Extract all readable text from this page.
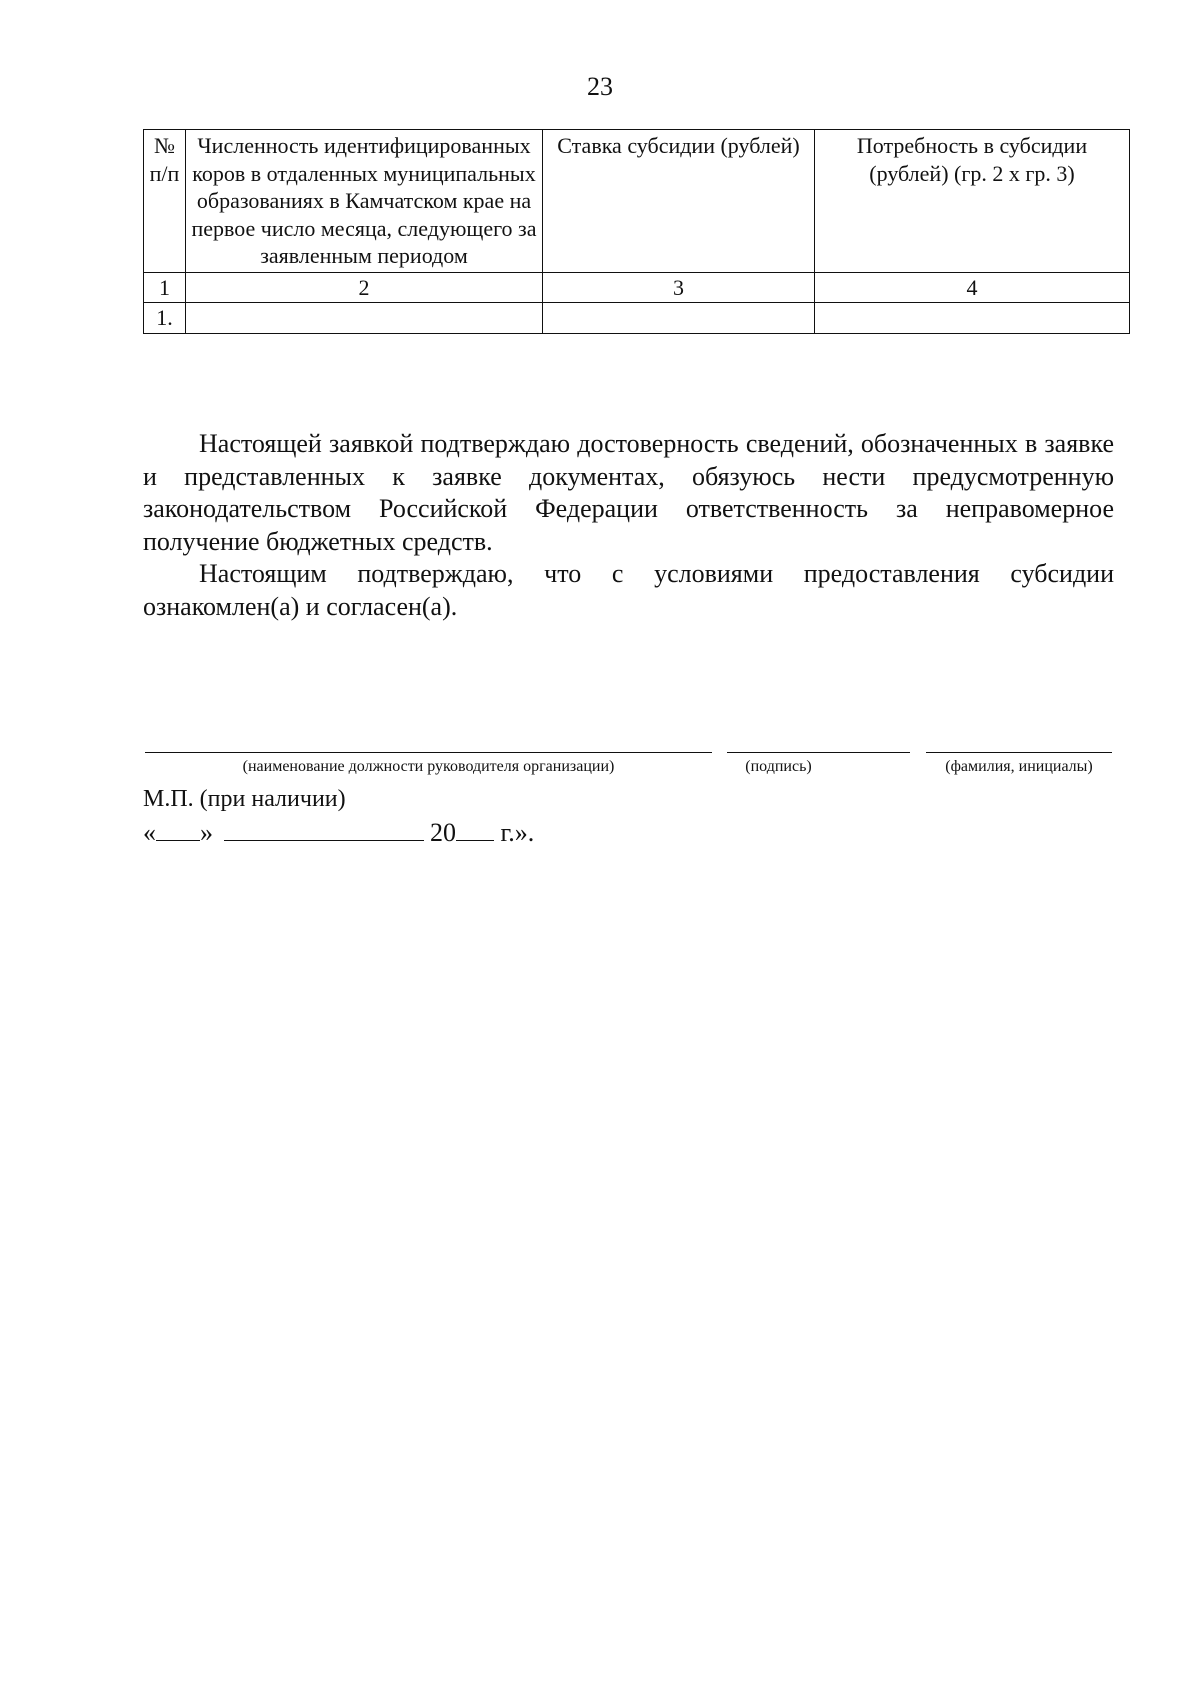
23
№ п/п	Численность идентифицированных коров в отдаленных муниципальных образованиях в Камчатском крае на первое число месяца, следующего за заявленным периодом	Ставка субсидии (рублей)	Потребность в субсидии (рублей) (гр. 2 х гр. 3)
1	2	3	4
1.			

Настоящей заявкой подтверждаю достоверность сведений, обозначенных в заявке и представленных к заявке документах, обязуюсь нести предусмотренную законодательством Российской Федерации ответственность за неправомерное получение бюджетных средств.

Настоящим подтверждаю, что с условиями предоставления субсидии ознакомлен(а) и согласен(а).

(наименование должности руководителя организации)	(подпись)	(фамилия, инициалы)
М.П. (при наличии)
« »	20 г.».
